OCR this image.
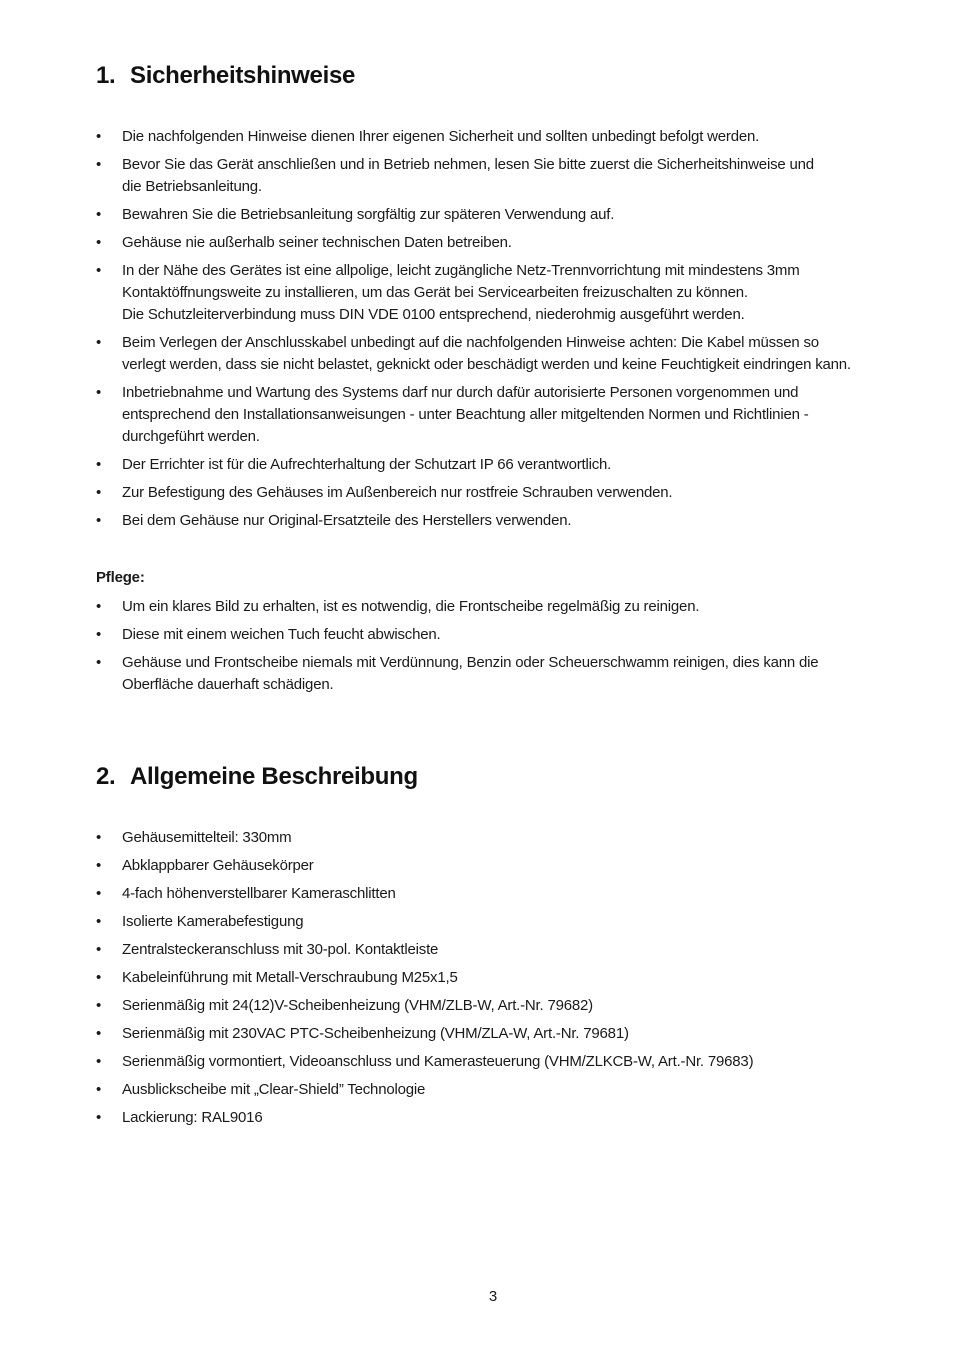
1. Sicherheitshinweise
•	Die nachfolgenden Hinweise dienen Ihrer eigenen Sicherheit und sollten unbedingt befolgt werden.
•	Bevor Sie das Gerät anschließen und in Betrieb nehmen, lesen Sie bitte zuerst die Sicherheitshinweise und
die Betriebsanleitung.
•	Bewahren Sie die Betriebsanleitung sorgfältig zur späteren Verwendung auf.
•	Gehäuse nie außerhalb seiner technischen Daten betreiben.
•	In der Nähe des Gerätes ist eine allpolige, leicht zugängliche Netz-Trennvorrichtung mit mindestens 3mm
Kontaktöffnungsweite zu installieren, um das Gerät bei Servicearbeiten freizuschalten zu können.
Die Schutzleiterverbindung muss DIN VDE 0100 entsprechend, niederohmig ausgeführt werden.
•	Beim Verlegen der Anschlusskabel unbedingt auf die nachfolgenden Hinweise achten: Die Kabel müssen so
verlegt werden, dass sie nicht belastet, geknickt oder beschädigt werden und keine Feuchtigkeit eindringen kann.
•	Inbetriebnahme und Wartung des Systems darf nur durch dafür autorisierte Personen vorgenommen und
entsprechend den Installationsanweisungen - unter Beachtung aller mitgeltenden Normen und Richtlinien -
durchgeführt werden.
•	Der Errichter ist für die Aufrechterhaltung der Schutzart IP 66 verantwortlich.
•	Zur Befestigung des Gehäuses im Außenbereich nur rostfreie Schrauben verwenden.
•	Bei dem Gehäuse nur Original-Ersatzteile des Herstellers verwenden.
Pflege:
•	Um ein klares Bild zu erhalten, ist es notwendig, die Frontscheibe regelmäßig zu reinigen.
•	Diese mit einem weichen Tuch feucht abwischen.
•	Gehäuse und Frontscheibe niemals mit Verdünnung, Benzin oder Scheuerschwamm reinigen, dies kann die
Oberfläche dauerhaft schädigen.
2. Allgemeine Beschreibung
•	Gehäusemittelteil: 330mm
•	Abklappbarer Gehäusekörper
•	4-fach höhenverstellbarer Kameraschlitten
•	Isolierte Kamerabefestigung
•	Zentralsteckeranschluss mit 30-pol. Kontaktleiste
•	Kabeleinführung mit Metall-Verschraubung M25x1,5
•	Serienmäßig mit 24(12)V-Scheibenheizung (VHM/ZLB-W, Art.-Nr. 79682)
•	Serienmäßig mit 230VAC PTC-Scheibenheizung (VHM/ZLA-W, Art.-Nr. 79681)
•	Serienmäßig vormontiert, Videoanschluss und Kamerasteuerung (VHM/ZLKCB-W, Art.-Nr. 79683)
•	Ausblickscheibe mit „Clear-Shield” Technologie
•	Lackierung: RAL9016
3
